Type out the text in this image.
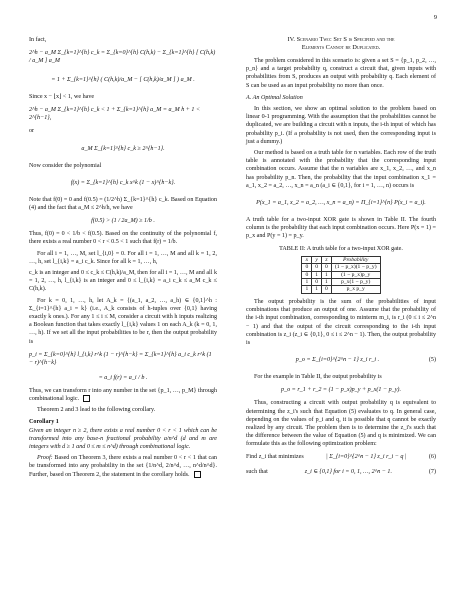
9

In fact,

2^h − a_M Σ_{k=1}^{h} c_k = Σ_{k=0}^{h} C(h,k) − Σ_{k=1}^{h} [ C(h,k) / a_M ] a_M
= 1 + Σ_{k=1}^{h} ( C(h,k)/a_M − [ C(h,k)/a_M ] ) a_M .

Since x − ⌊x⌋ < 1, we have

2^h − a_M Σ_{k=1}^{h} c_k < 1 + Σ_{k=1}^{h} a_M = a_M h + 1 < 2^{h−1},

or

a_M Σ_{k=1}^{h} c_k ≥ 2^{h−1}.

Now consider the polynomial

f(x) = Σ_{k=1}^{h} c_k x^k (1 − x)^{h−k}.

Note that f(0) = 0 and f(0.5) = (1/2^h) Σ_{k=1}^{h} c_k. Based on Equation (4) and the fact that a_M ≤ 2^h/h, we have

f(0.5) > (1 / 2a_M) ≥ 1/b .

Thus, f(0) = 0 < 1/b < f(0.5). Based on the continuity of the polynomial f, there exists a real number 0 < r < 0.5 < 1 such that f(r) = 1/b.

For all i = 1, …, M, set l_{i,0} = 0. For all i = 1, …, M and all k = 1, 2, …, h, set l_{i,k} = a_i c_k. Since for all k = 1, …, h,

c_k is an integer and 0 ≤ c_k ≤ C(h,k)/a_M, then for all i = 1, …, M and all k = 1, 2, …, h, l_{i,k} is an integer and 0 ≤ l_{i,k} = a_i c_k ≤ a_M c_k ≤ C(h,k).

For k = 0, 1, …, h, let A_k = {(a_1, a_2, …, a_h) ∈ {0,1}^h : Σ_{i=1}^{h} a_i = k} (i.e., A_k consists of h-tuples over {0,1} having exactly k ones.). For any 1 ≤ i ≤ M, consider a circuit with h inputs realizing a Boolean function that takes exactly l_{i,k} values 1 on each A_k (k = 0, 1, …, h). If we set all the input probabilities to be r, then the output probability is

p_i = Σ_{k=0}^{h} l_{i,k} r^k (1 − r)^{h−k} = Σ_{k=1}^{h} a_i c_k r^k (1 − r)^{h−k}
= a_i f(r) = a_i / b .

Thus, we can transform r into any number in the set {p_1, …, p_M} through combinational logic.

Theorem 2 and 3 lead to the following corollary.

Corollary 1

Given an integer n ≥ 2, there exists a real number 0 < r < 1 which can be transformed into any base-n fractional probability a/n^d (d and m are integers with d ≥ 1 and 0 ≤ m ≤ n^d) through combinational logic.

Proof: Based on Theorem 3, there exists a real number 0 < r < 1 that can be transformed into any probability in the set {1/n^d, 2/n^d, …, n^d/n^d}. Further, based on Theorem 2, the statement in the corollary holds.

IV. Scenario Two: Set S is Specified and the
Elements Cannot be Duplicated.

The problem considered in this scenario is: given a set S = {p_1, p_2, …, p_n} and a target probability q, construct a circuit that, given inputs with probabilities from S, produces an output with probability q. Each element of S can be used as an input probability no more than once.

A. An Optimal Solution

In this section, we show an optimal solution to the problem based on linear 0-1 programming. With the assumption that the probabilities cannot be duplicated, we are building a circuit with n inputs, the i-th input of which has probability p_i. (If a probability is not used, then the corresponding input is just a dummy.)

Our method is based on a truth table for n variables. Each row of the truth table is annotated with the probability that the corresponding input combination occurs. Assume that the n variables are x_1, x_2, …, and x_n has probability p_n. Then, the probability that the input combination x_1 = a_1, x_2 = a_2, …, x_n = a_n (a_i ∈ {0,1}, for i = 1, …, n) occurs is

P(x_1 = a_1, x_2 = a_2, …, x_n = a_n) = Π_{i=1}^{n} P(x_i = a_i).

A truth table for a two-input XOR gate is shown in Table II. The fourth column is the probability that each input combination occurs. Here P(x = 1) = p_x and P(y = 1) = p_y.

TABLE II: A truth table for a two-input XOR gate.
x	y	z	Probability
0	0	0	(1 − p_x)(1 − p_y)
0	1	1	(1 − p_x)p_y
1	0	1	p_x(1 − p_y)
1	1	0	p_x p_y

The output probability is the sum of the probabilities of input combinations that produce an output of one. Assume that the probability of the i-th input combination, corresponding to minterm m_i, is r_i (0 ≤ i ≤ 2^n − 1) and that the output of the circuit corresponding to the i-th input combination is z_i (z_i ∈ {0,1}, 0 ≤ i ≤ 2^n − 1). Then, the output probability is

p_o = Σ_{i=0}^{2^n − 1} z_i r_i .	(5)

For the example in Table II, the output probability is

p_o = r_1 + r_2 = (1 − p_x)p_y + p_x(1 − p_y).

Thus, constructing a circuit with output probability q is equivalent to determining the z_i's such that Equation (5) evaluates to q. In general case, depending on the values of p_i and q, it is possible that q cannot be exactly realized by any circuit. The problem then is to determine the z_i's such that the difference between the value of Equation (5) and q is minimized. We can formulate this as the following optimization problem:

Find z_i that minimizes	| Σ_{i=0}^{2^n − 1} z_i r_i − q |	(6)
such that	z_i ∈ {0,1} for i = 0, 1, …, 2^n − 1.	(7)
